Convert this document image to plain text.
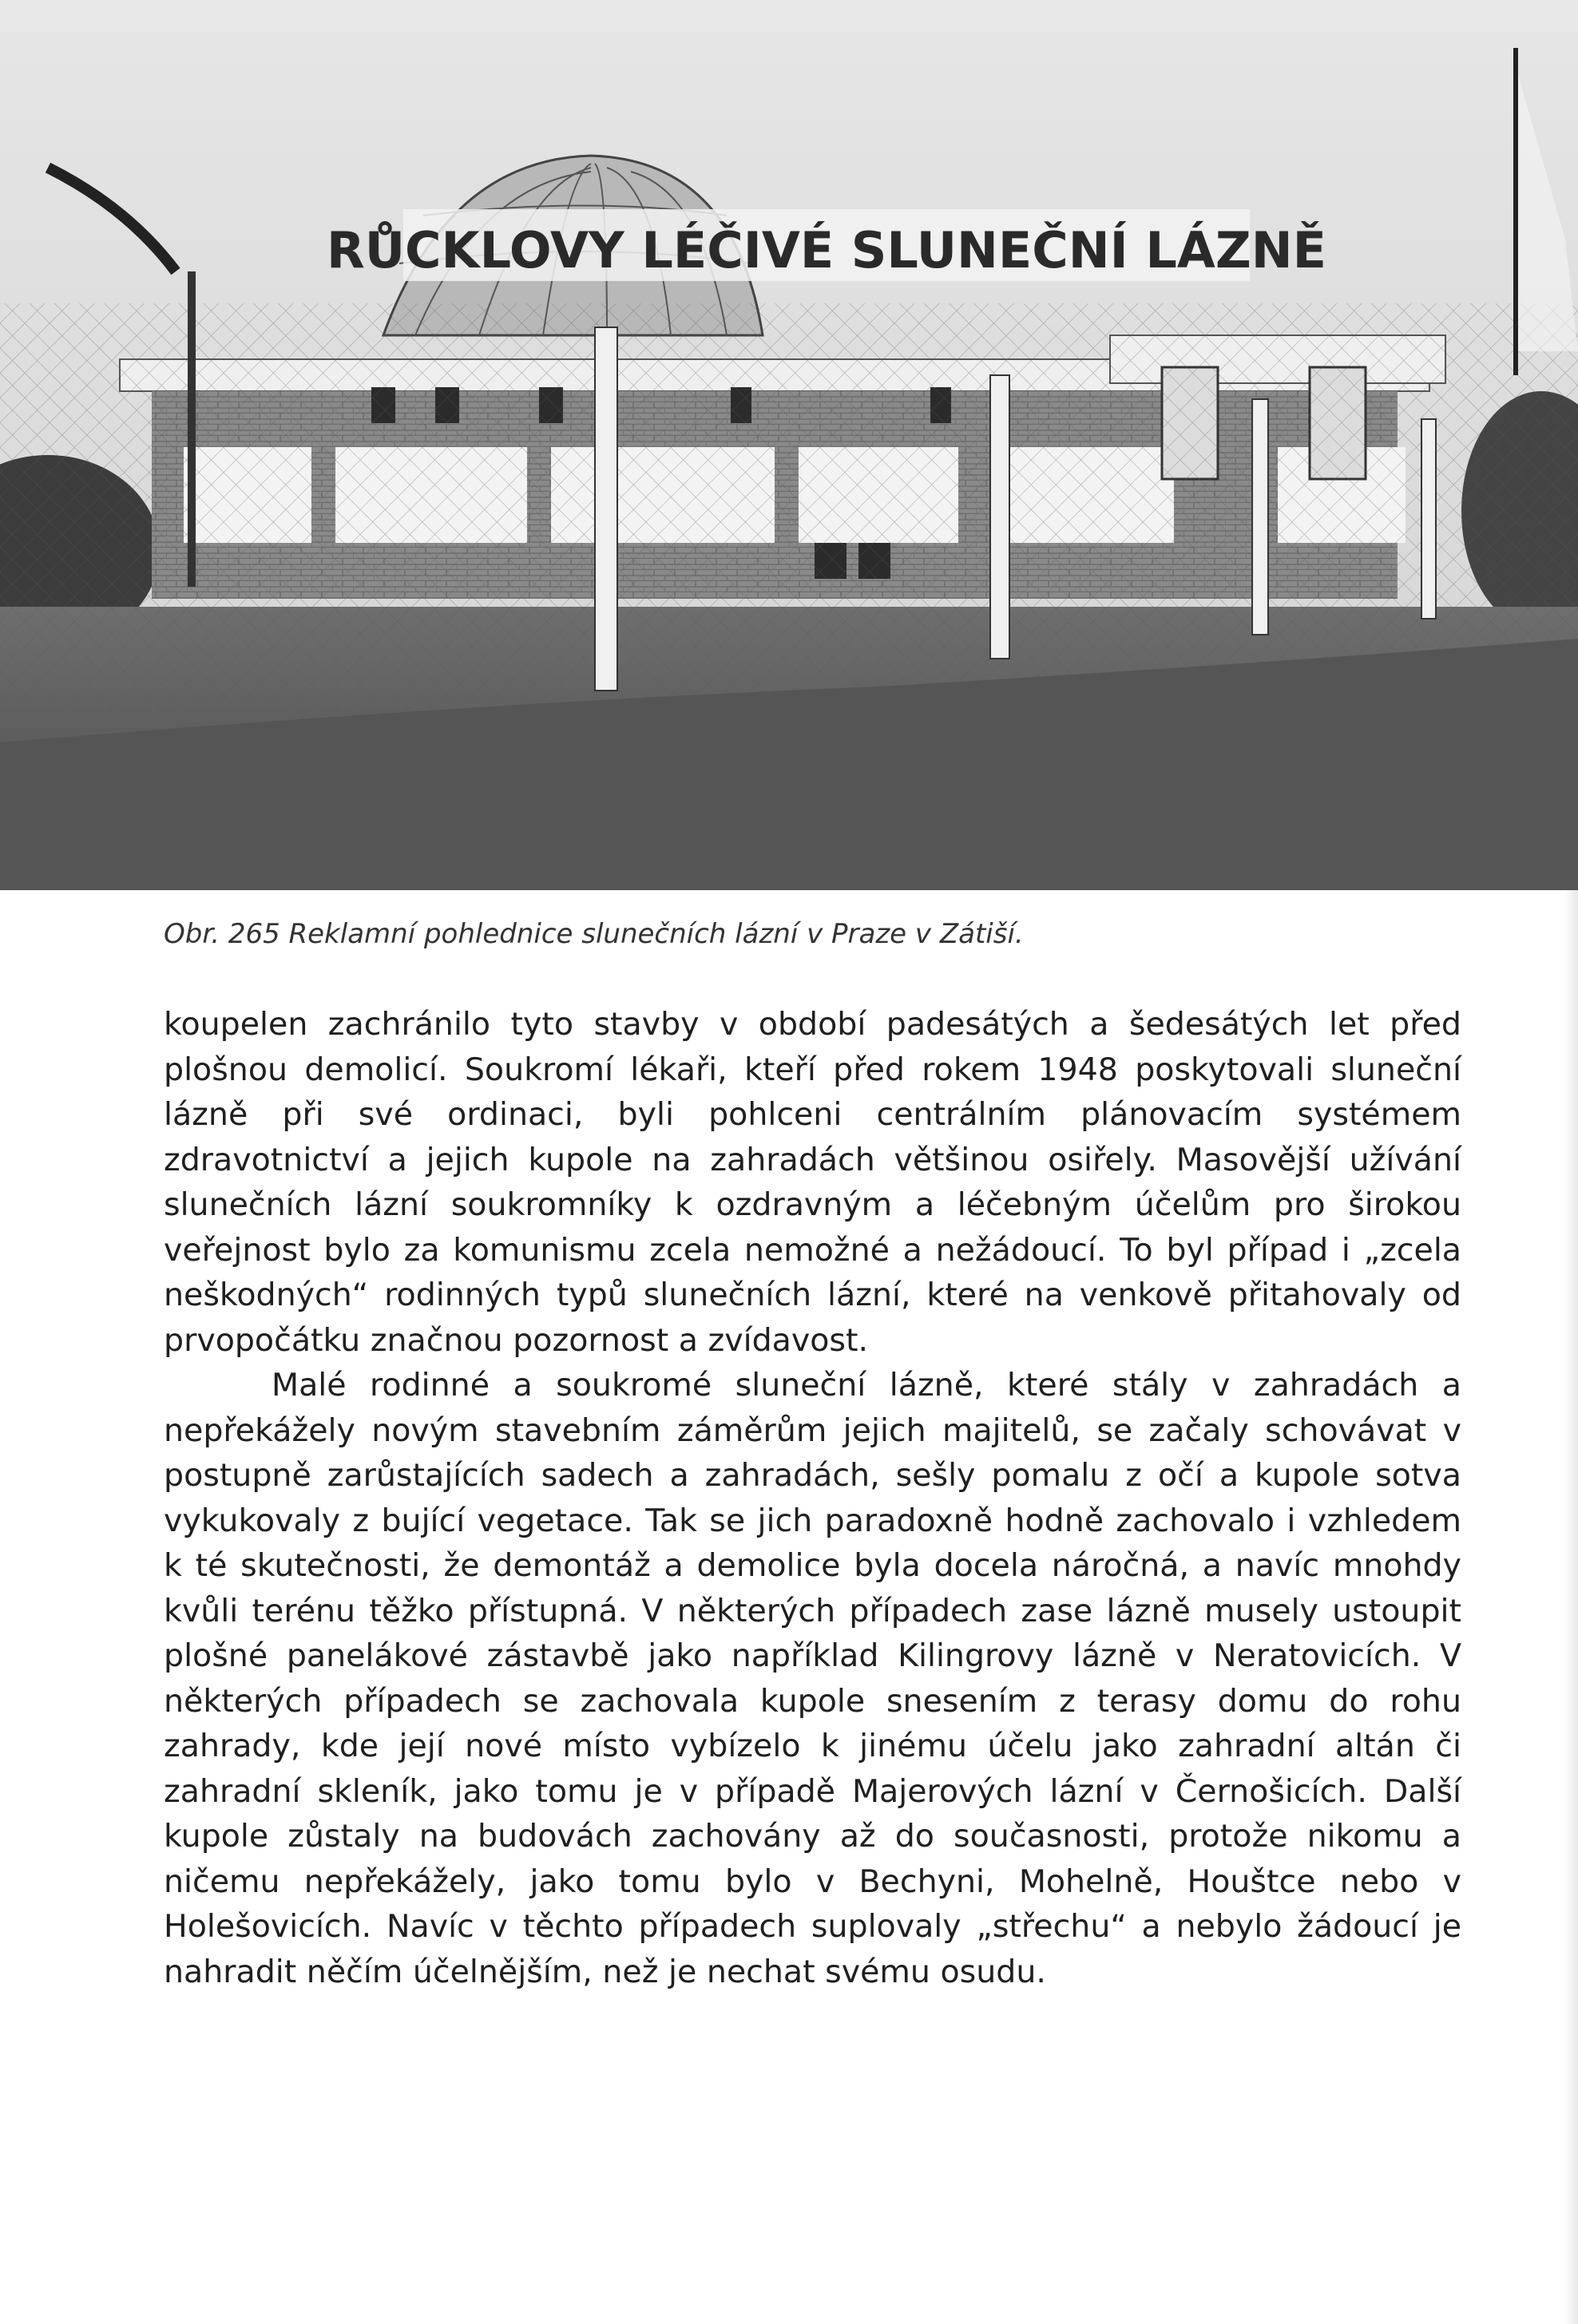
RŮCKLOVY LÉČIVÉ SLUNEČNÍ LÁZNĚ

Obr. 265 Reklamní pohlednice slunečních lázní v Praze v Zátiší.

koupelen zachránilo tyto stavby v období padesátých a šedesátých let před plošnou demolicí. Soukromí lékaři, kteří před rokem 1948 poskytovali sluneční lázně při své ordinaci, byli pohlceni centrálním plánovacím systémem zdravotnictví a jejich kupole na zahradách většinou osiřely. Masovější užívání slunečních lázní soukromníky k ozdravným a léčebným účelům pro širokou veřejnost bylo za komunismu zcela nemožné a nežádoucí. To byl případ i „zcela neškodných“ rodinných typů slunečních lázní, které na venkově přitahovaly od prvopočátku značnou pozornost a zvídavost.

Malé rodinné a soukromé sluneční lázně, které stály v zahradách a nepřekážely novým stavebním záměrům jejich majitelů, se začaly schovávat v postupně zarůstajících sadech a zahradách, sešly pomalu z očí a kupole sotva vykukovaly z bující vegetace. Tak se jich paradoxně hodně zachovalo i vzhledem k té skutečnosti, že demontáž a demolice byla docela náročná, a navíc mnohdy kvůli terénu těžko přístupná. V některých případech zase lázně musely ustoupit plošné panelákové zástavbě jako například Kilingrovy lázně v Neratovicích. V některých případech se zachovala kupole snesením z terasy domu do rohu zahrady, kde její nové místo vybízelo k jinému účelu jako zahradní altán či zahradní skleník, jako tomu je v případě Majerových lázní v Černošicích. Další kupole zůstaly na budovách zachovány až do současnosti, protože nikomu a ničemu nepřekážely, jako tomu bylo v Bechyni, Mohelně, Houštce nebo v Holešovicích. Navíc v těchto případech suplovaly „střechu“ a nebylo žádoucí je nahradit něčím účelnějším, než je nechat svému osudu.
